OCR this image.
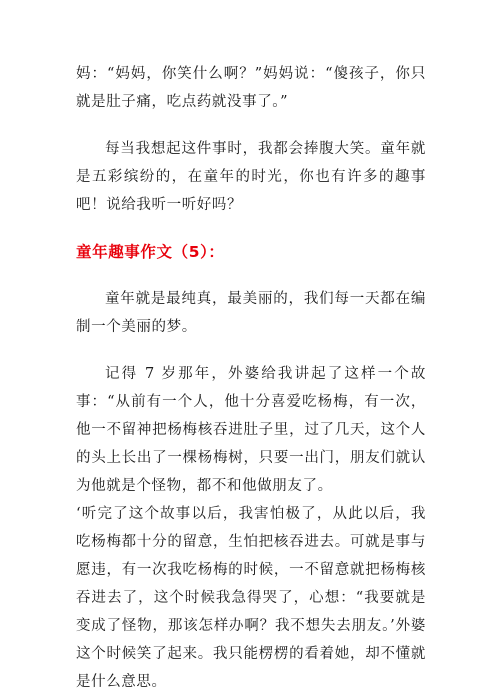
妈：“妈妈，你笑什么啊？”妈妈说：“傻孩子，你只就是肚子痛，吃点药就没事了。”

每当我想起这件事时，我都会捧腹大笑。童年就是五彩缤纷的，在童年的时光，你也有许多的趣事吧！说给我听一听好吗？

童年趣事作文（5）：

童年就是最纯真，最美丽的，我们每一天都在编制一个美丽的梦。

记得 7 岁那年，外婆给我讲起了这样一个故事：“从前有一个人，他十分喜爱吃杨梅，有一次，他一不留神把杨梅核吞进肚子里，过了几天，这个人的头上长出了一棵杨梅树，只要一出门，朋友们就认为他就是个怪物，都不和他做朋友了。

‘听完了这个故事以后，我害怕极了，从此以后，我吃杨梅都十分的留意，生怕把核吞进去。可就是事与愿违，有一次我吃杨梅的时候，一不留意就把杨梅核吞进去了，这个时候我急得哭了，心想：“我要就是变成了怪物，那该怎样办啊？我不想失去朋友。’外婆这个时候笑了起来。我只能楞楞的看着她，却不懂就是什么意思。
